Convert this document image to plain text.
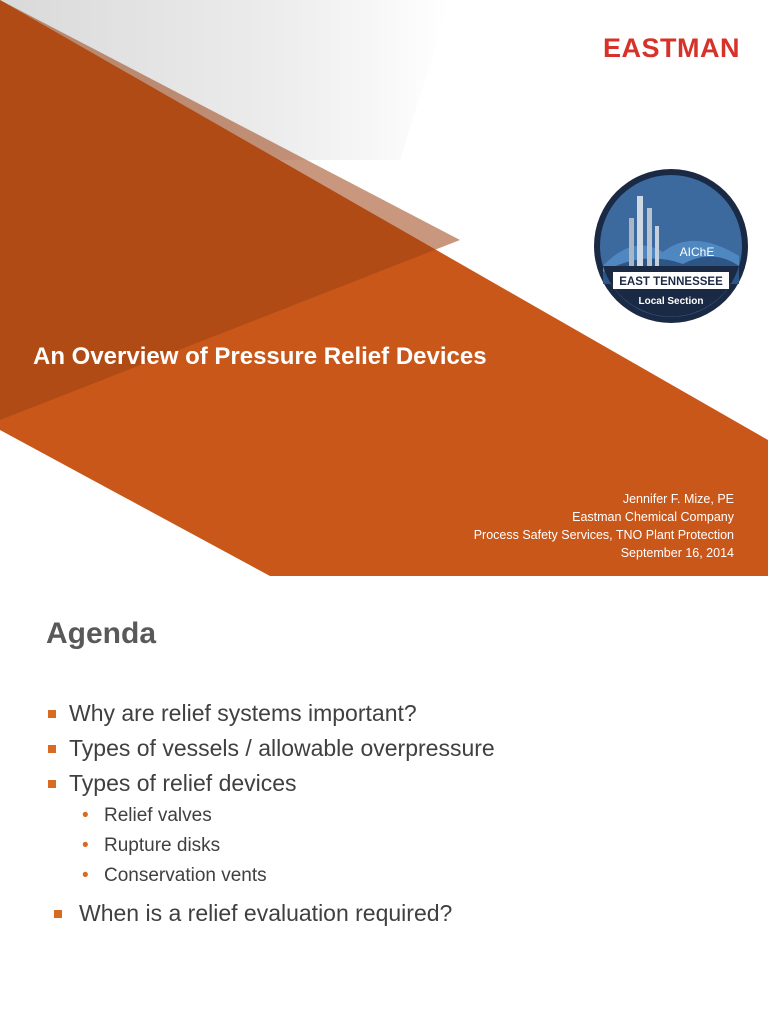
EASTMAN
AIChE
EAST TENNESSEE
Local Section
An Overview of Pressure Relief Devices
Jennifer F. Mize, PE
Eastman Chemical Company
Process Safety Services, TNO Plant Protection
September 16, 2014
Agenda
Why are relief systems important?
Types of vessels / allowable overpressure
Types of relief devices
• Relief valves
• Rupture disks
• Conservation vents
When is a relief evaluation required?
